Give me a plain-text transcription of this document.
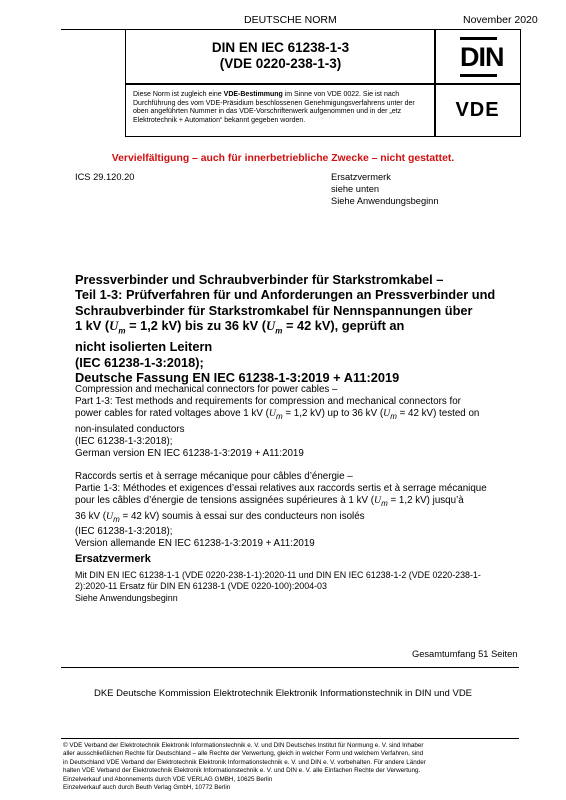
DEUTSCHE NORM	November 2020
DIN EN IEC 61238-1-3
(VDE 0220-238-1-3)	DIN
Diese Norm ist zugleich eine VDE-Bestimmung im Sinne von VDE 0022. Sie ist nach Durchführung des vom VDE-Präsidium beschlossenen Genehmigungsverfahrens unter der oben angeführten Nummer in das VDE-Vorschriftenwerk aufgenommen und in der „etz Elektrotechnik + Automation“ bekannt gegeben worden.	VDE
Vervielfältigung – auch für innerbetriebliche Zwecke – nicht gestattet.
ICS 29.120.20	Ersatzvermerk
siehe unten
Siehe Anwendungsbeginn
Pressverbinder und Schraubverbinder für Starkstromkabel –
Teil 1-3: Prüfverfahren für und Anforderungen an Pressverbinder und
Schraubverbinder für Starkstromkabel für Nennspannungen über
1 kV ($U_m = 1,2$ kV) bis zu 36 kV ($U_m = 42$ kV), geprüft an
nicht isolierten Leitern
(IEC 61238-1-3:2018);
Deutsche Fassung EN IEC 61238-1-3:2019 + A11:2019
Compression and mechanical connectors for power cables –
Part 1-3: Test methods and requirements for compression and mechanical connectors for
power cables for rated voltages above 1 kV ($U_m = 1,2$ kV) up to 36 kV ($U_m = 42$ kV) tested on
non-insulated conductors
(IEC 61238-1-3:2018);
German version EN IEC 61238-1-3:2019 + A11:2019
Raccords sertis et à serrage mécanique pour câbles d’énergie –
Partie 1-3: Méthodes et exigences d’essai relatives aux raccords sertis et à serrage mécanique
pour les câbles d’énergie de tensions assignées supérieures à 1 kV ($U_m = 1,2$ kV) jusqu’à
36 kV ($U_m = 42$ kV) soumis à essai sur des conducteurs non isolés
(IEC 61238-1-3:2018);
Version allemande EN IEC 61238-1-3:2019 + A11:2019
Ersatzvermerk
Mit DIN EN IEC 61238-1-1 (VDE 0220-238-1-1):2020-11 und DIN EN IEC 61238-1-2 (VDE 0220-238-1-
2):2020-11 Ersatz für DIN EN 61238-1 (VDE 0220-100):2004-03
Siehe Anwendungsbeginn
Gesamtumfang 51 Seiten
DKE Deutsche Kommission Elektrotechnik Elektronik Informationstechnik in DIN und VDE
© VDE Verband der Elektrotechnik Elektronik Informationstechnik e. V. und DIN Deutsches Institut für Normung e. V. sind Inhaber
aller ausschließlichen Rechte für Deutschland – alle Rechte der Verwertung, gleich in welcher Form und welchem Verfahren, sind
in Deutschland VDE Verband der Elektrotechnik Elektronik Informationstechnik e. V. und DIN e. V. vorbehalten. Für andere Länder
halten VDE Verband der Elektrotechnik Elektronik Informationstechnik e. V. und DIN e. V. alle Einfachen Rechte der Verwertung.
Einzelverkauf und Abonnements durch VDE VERLAG GMBH, 10625 Berlin
Einzelverkauf auch durch Beuth Verlag GmbH, 10772 Berlin
